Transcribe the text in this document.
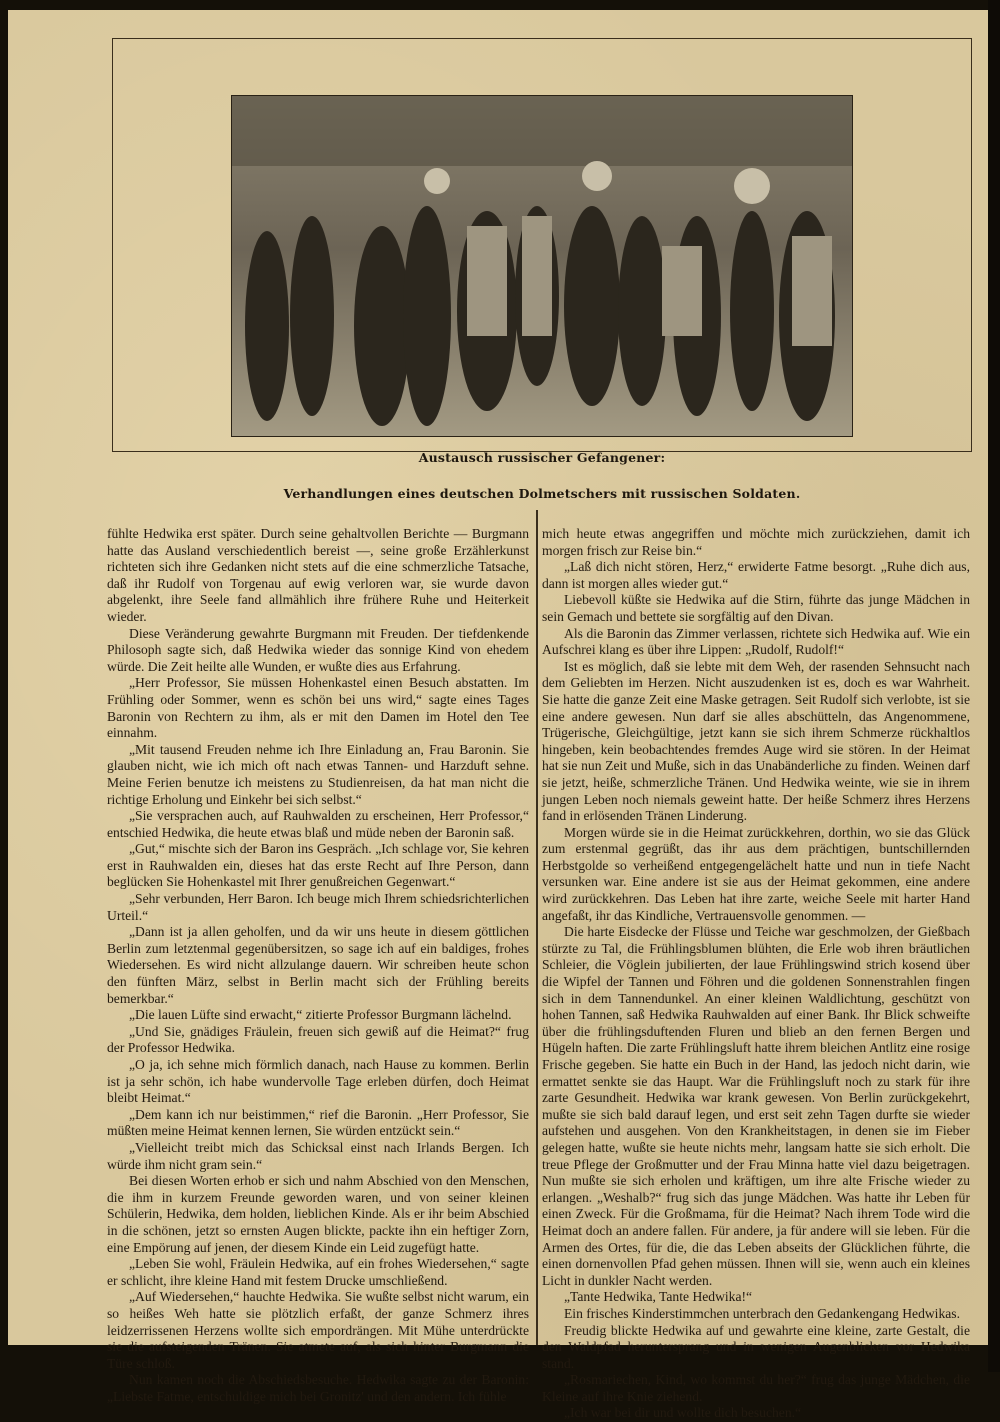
Austausch russischer Gefangener:
Verhandlungen eines deutschen Dolmetschers mit russischen Soldaten.

fühlte Hedwika erst später. Durch seine gehaltvollen Berichte — Burgmann hatte das Ausland verschiedentlich bereist —, seine große Erzählerkunst richteten sich ihre Gedanken nicht stets auf die eine schmerzliche Tatsache, daß ihr Rudolf von Torgenau auf ewig verloren war, sie wurde davon abgelenkt, ihre Seele fand allmählich ihre frühere Ruhe und Heiterkeit wieder.

Diese Veränderung gewahrte Burgmann mit Freuden. Der tiefdenkende Philosoph sagte sich, daß Hedwika wieder das sonnige Kind von ehedem würde. Die Zeit heilte alle Wunden, er wußte dies aus Erfahrung.

„Herr Professor, Sie müssen Hohenkastel einen Besuch abstatten. Im Frühling oder Sommer, wenn es schön bei uns wird,“ sagte eines Tages Baronin von Rechtern zu ihm, als er mit den Damen im Hotel den Tee einnahm.

„Mit tausend Freuden nehme ich Ihre Einladung an, Frau Baronin. Sie glauben nicht, wie ich mich oft nach etwas Tannen- und Harzduft sehne. Meine Ferien benutze ich meistens zu Studienreisen, da hat man nicht die richtige Erholung und Einkehr bei sich selbst.“

„Sie versprachen auch, auf Rauhwalden zu erscheinen, Herr Professor,“ entschied Hedwika, die heute etwas blaß und müde neben der Baronin saß.

„Gut,“ mischte sich der Baron ins Gespräch. „Ich schlage vor, Sie kehren erst in Rauhwalden ein, dieses hat das erste Recht auf Ihre Person, dann beglücken Sie Hohenkastel mit Ihrer genußreichen Gegenwart.“

„Sehr verbunden, Herr Baron. Ich beuge mich Ihrem schiedsrichterlichen Urteil.“

„Dann ist ja allen geholfen, und da wir uns heute in diesem göttlichen Berlin zum letztenmal gegenübersitzen, so sage ich auf ein baldiges, frohes Wiedersehen. Es wird nicht allzulange dauern. Wir schreiben heute schon den fünften März, selbst in Berlin macht sich der Frühling bereits bemerkbar.“

„Die lauen Lüfte sind erwacht,“ zitierte Professor Burgmann lächelnd.

„Und Sie, gnädiges Fräulein, freuen sich gewiß auf die Heimat?“ frug der Professor Hedwika.

„O ja, ich sehne mich förmlich danach, nach Hause zu kommen. Berlin ist ja sehr schön, ich habe wundervolle Tage erleben dürfen, doch Heimat bleibt Heimat.“

„Dem kann ich nur beistimmen,“ rief die Baronin. „Herr Professor, Sie müßten meine Heimat kennen lernen, Sie würden entzückt sein.“

„Vielleicht treibt mich das Schicksal einst nach Irlands Bergen. Ich würde ihm nicht gram sein.“

Bei diesen Worten erhob er sich und nahm Abschied von den Menschen, die ihm in kurzem Freunde geworden waren, und von seiner kleinen Schülerin, Hedwika, dem holden, lieblichen Kinde. Als er ihr beim Abschied in die schönen, jetzt so ernsten Augen blickte, packte ihn ein heftiger Zorn, eine Empörung auf jenen, der diesem Kinde ein Leid zugefügt hatte.

„Leben Sie wohl, Fräulein Hedwika, auf ein frohes Wiedersehen,“ sagte er schlicht, ihre kleine Hand mit festem Drucke umschließend.

„Auf Wiedersehen,“ hauchte Hedwika. Sie wußte selbst nicht warum, ein so heißes Weh hatte sie plötzlich erfaßt, der ganze Schmerz ihres leidzerrissenen Herzens wollte sich empordrängen. Mit Mühe unterdrückte sie die aufsteigenden Tränen. Sie atmete auf, als sich hinter Burgmann die Türe schloß.

Nun kamen noch die Abschiedsbesuche. Hedwika sagte zu der Baronin: „Liebste Fatme, entschuldige mich bei Gronitz' und den andern. Ich fühle

mich heute etwas angegriffen und möchte mich zurückziehen, damit ich morgen frisch zur Reise bin.“

„Laß dich nicht stören, Herz,“ erwiderte Fatme besorgt. „Ruhe dich aus, dann ist morgen alles wieder gut.“

Liebevoll küßte sie Hedwika auf die Stirn, führte das junge Mädchen in sein Gemach und bettete sie sorgfältig auf den Divan.

Als die Baronin das Zimmer verlassen, richtete sich Hedwika auf. Wie ein Aufschrei klang es über ihre Lippen: „Rudolf, Rudolf!“

Ist es möglich, daß sie lebte mit dem Weh, der rasenden Sehnsucht nach dem Geliebten im Herzen. Nicht auszudenken ist es, doch es war Wahrheit. Sie hatte die ganze Zeit eine Maske getragen. Seit Rudolf sich verlobte, ist sie eine andere gewesen. Nun darf sie alles abschütteln, das Angenommene, Trügerische, Gleichgültige, jetzt kann sie sich ihrem Schmerze rückhaltlos hingeben, kein beobachtendes fremdes Auge wird sie stören. In der Heimat hat sie nun Zeit und Muße, sich in das Unabänderliche zu finden. Weinen darf sie jetzt, heiße, schmerzliche Tränen. Und Hedwika weinte, wie sie in ihrem jungen Leben noch niemals geweint hatte. Der heiße Schmerz ihres Herzens fand in erlösenden Tränen Linderung.

Morgen würde sie in die Heimat zurückkehren, dorthin, wo sie das Glück zum erstenmal gegrüßt, das ihr aus dem prächtigen, buntschillernden Herbstgolde so verheißend entgegengelächelt hatte und nun in tiefe Nacht versunken war. Eine andere ist sie aus der Heimat gekommen, eine andere wird zurückkehren. Das Leben hat ihre zarte, weiche Seele mit harter Hand angefaßt, ihr das Kindliche, Vertrauensvolle genommen. —

Die harte Eisdecke der Flüsse und Teiche war geschmolzen, der Gießbach stürzte zu Tal, die Frühlingsblumen blühten, die Erle wob ihren bräutlichen Schleier, die Vöglein jubilierten, der laue Frühlingswind strich kosend über die Wipfel der Tannen und Föhren und die goldenen Sonnenstrahlen fingen sich in dem Tannendunkel. An einer kleinen Waldlichtung, geschützt von hohen Tannen, saß Hedwika Rauhwalden auf einer Bank. Ihr Blick schweifte über die frühlingsduftenden Fluren und blieb an den fernen Bergen und Hügeln haften. Die zarte Frühlingsluft hatte ihrem bleichen Antlitz eine rosige Frische gegeben. Sie hatte ein Buch in der Hand, las jedoch nicht darin, wie ermattet senkte sie das Haupt. War die Frühlingsluft noch zu stark für ihre zarte Gesundheit. Hedwika war krank gewesen. Von Berlin zurückgekehrt, mußte sie sich bald darauf legen, und erst seit zehn Tagen durfte sie wieder aufstehen und ausgehen. Von den Krankheitstagen, in denen sie im Fieber gelegen hatte, wußte sie heute nichts mehr, langsam hatte sie sich erholt. Die treue Pflege der Großmutter und der Frau Minna hatte viel dazu beigetragen. Nun mußte sie sich erholen und kräftigen, um ihre alte Frische wieder zu erlangen. „Weshalb?“ frug sich das junge Mädchen. Was hatte ihr Leben für einen Zweck. Für die Großmama, für die Heimat? Nach ihrem Tode wird die Heimat doch an andere fallen. Für andere, ja für andere will sie leben. Für die Armen des Ortes, für die, die das Leben abseits der Glücklichen führte, die einen dornenvollen Pfad gehen müssen. Ihnen will sie, wenn auch ein kleines Licht in dunkler Nacht werden.

„Tante Hedwika, Tante Hedwika!“

Ein frisches Kinderstimmchen unterbrach den Gedankengang Hedwikas.

Freudig blickte Hedwika auf und gewahrte eine kleine, zarte Gestalt, die den Waldpfad heruntersprang und in wenigen Augenblicken vor Hedwika stand.

„Rosmariechen, Kind, wo kommst du her?“ frug das junge Mädchen, die Kleine auf ihre Knie ziehend.

„Ich war bei dir und wollte dich besuchen.“
